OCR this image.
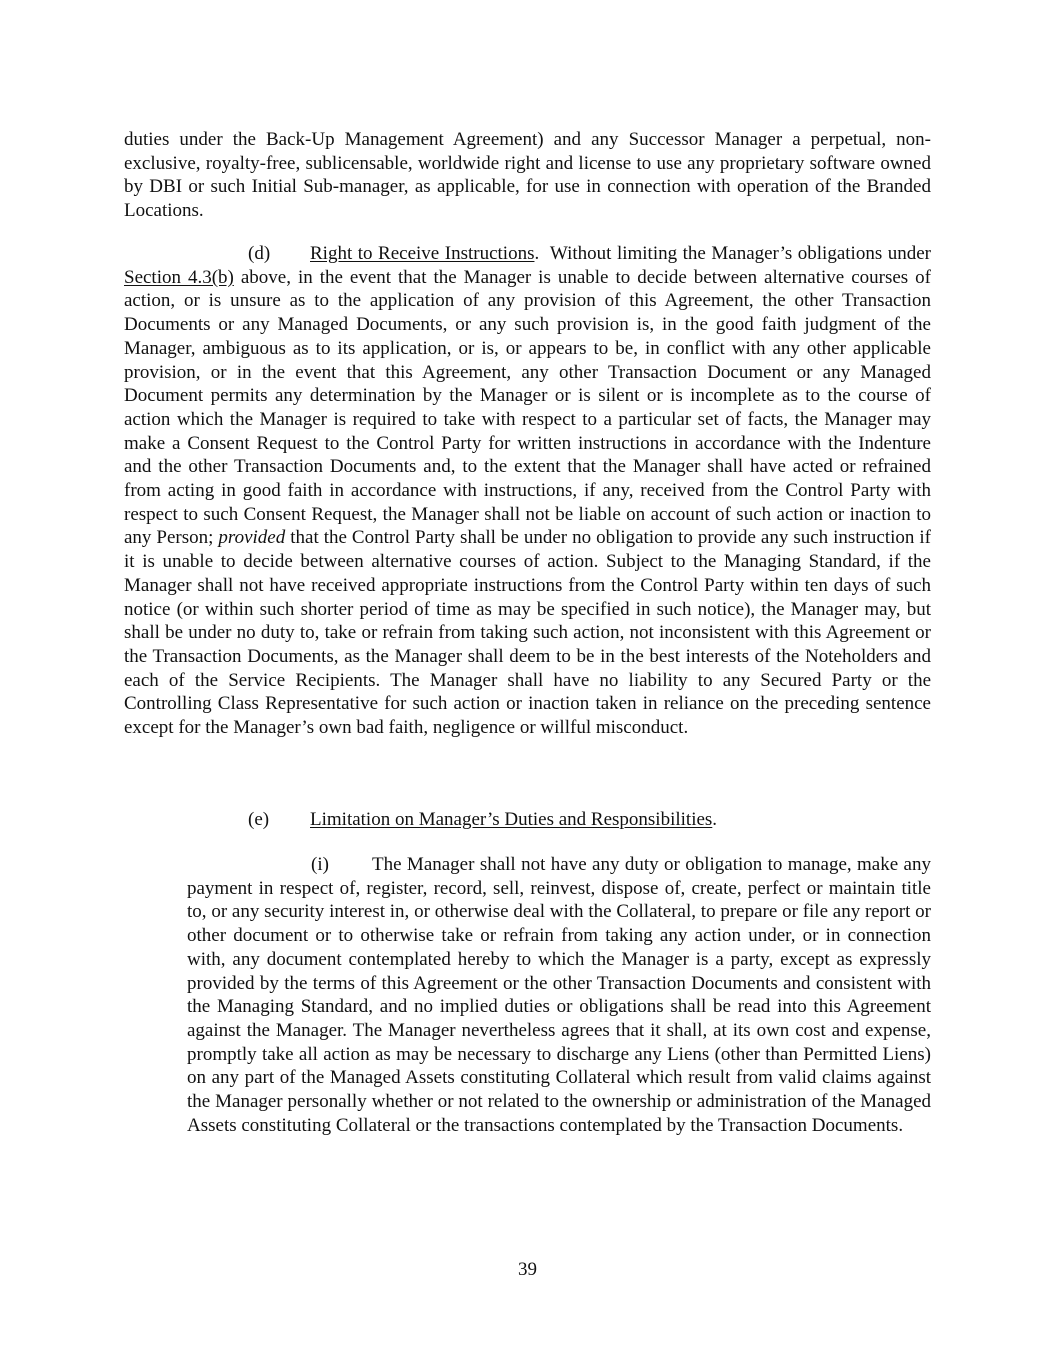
duties under the Back-Up Management Agreement) and any Successor Manager a perpetual, non-exclusive, royalty-free, sublicensable, worldwide right and license to use any proprietary software owned by DBI or such Initial Sub-manager, as applicable, for use in connection with operation of the Branded Locations.

(d) Right to Receive Instructions.  Without limiting the Manager’s obligations under Section 4.3(b) above, in the event that the Manager is unable to decide between alternative courses of action, or is unsure as to the application of any provision of this Agreement, the other Transaction Documents or any Managed Documents, or any such provision is, in the good faith judgment of the Manager, ambiguous as to its application, or is, or appears to be, in conflict with any other applicable provision, or in the event that this Agreement, any other Transaction Document or any Managed Document permits any determination by the Manager or is silent or is incomplete as to the course of action which the Manager is required to take with respect to a particular set of facts, the Manager may make a Consent Request to the Control Party for written instructions in accordance with the Indenture and the other Transaction Documents and, to the extent that the Manager shall have acted or refrained from acting in good faith in accordance with instructions, if any, received from the Control Party with respect to such Consent Request, the Manager shall not be liable on account of such action or inaction to any Person; provided that the Control Party shall be under no obligation to provide any such instruction if it is unable to decide between alternative courses of action. Subject to the Managing Standard, if the Manager shall not have received appropriate instructions from the Control Party within ten days of such notice (or within such shorter period of time as may be specified in such notice), the Manager may, but shall be under no duty to, take or refrain from taking such action, not inconsistent with this Agreement or the Transaction Documents, as the Manager shall deem to be in the best interests of the Noteholders and each of the Service Recipients. The Manager shall have no liability to any Secured Party or the Controlling Class Representative for such action or inaction taken in reliance on the preceding sentence except for the Manager’s own bad faith, negligence or willful misconduct.

(e) Limitation on Manager’s Duties and Responsibilities.

(i) The Manager shall not have any duty or obligation to manage, make any payment in respect of, register, record, sell, reinvest, dispose of, create, perfect or maintain title to, or any security interest in, or otherwise deal with the Collateral, to prepare or file any report or other document or to otherwise take or refrain from taking any action under, or in connection with, any document contemplated hereby to which the Manager is a party, except as expressly provided by the terms of this Agreement or the other Transaction Documents and consistent with the Managing Standard, and no implied duties or obligations shall be read into this Agreement against the Manager. The Manager nevertheless agrees that it shall, at its own cost and expense, promptly take all action as may be necessary to discharge any Liens (other than Permitted Liens) on any part of the Managed Assets constituting Collateral which result from valid claims against the Manager personally whether or not related to the ownership or administration of the Managed Assets constituting Collateral or the transactions contemplated by the Transaction Documents.

39
